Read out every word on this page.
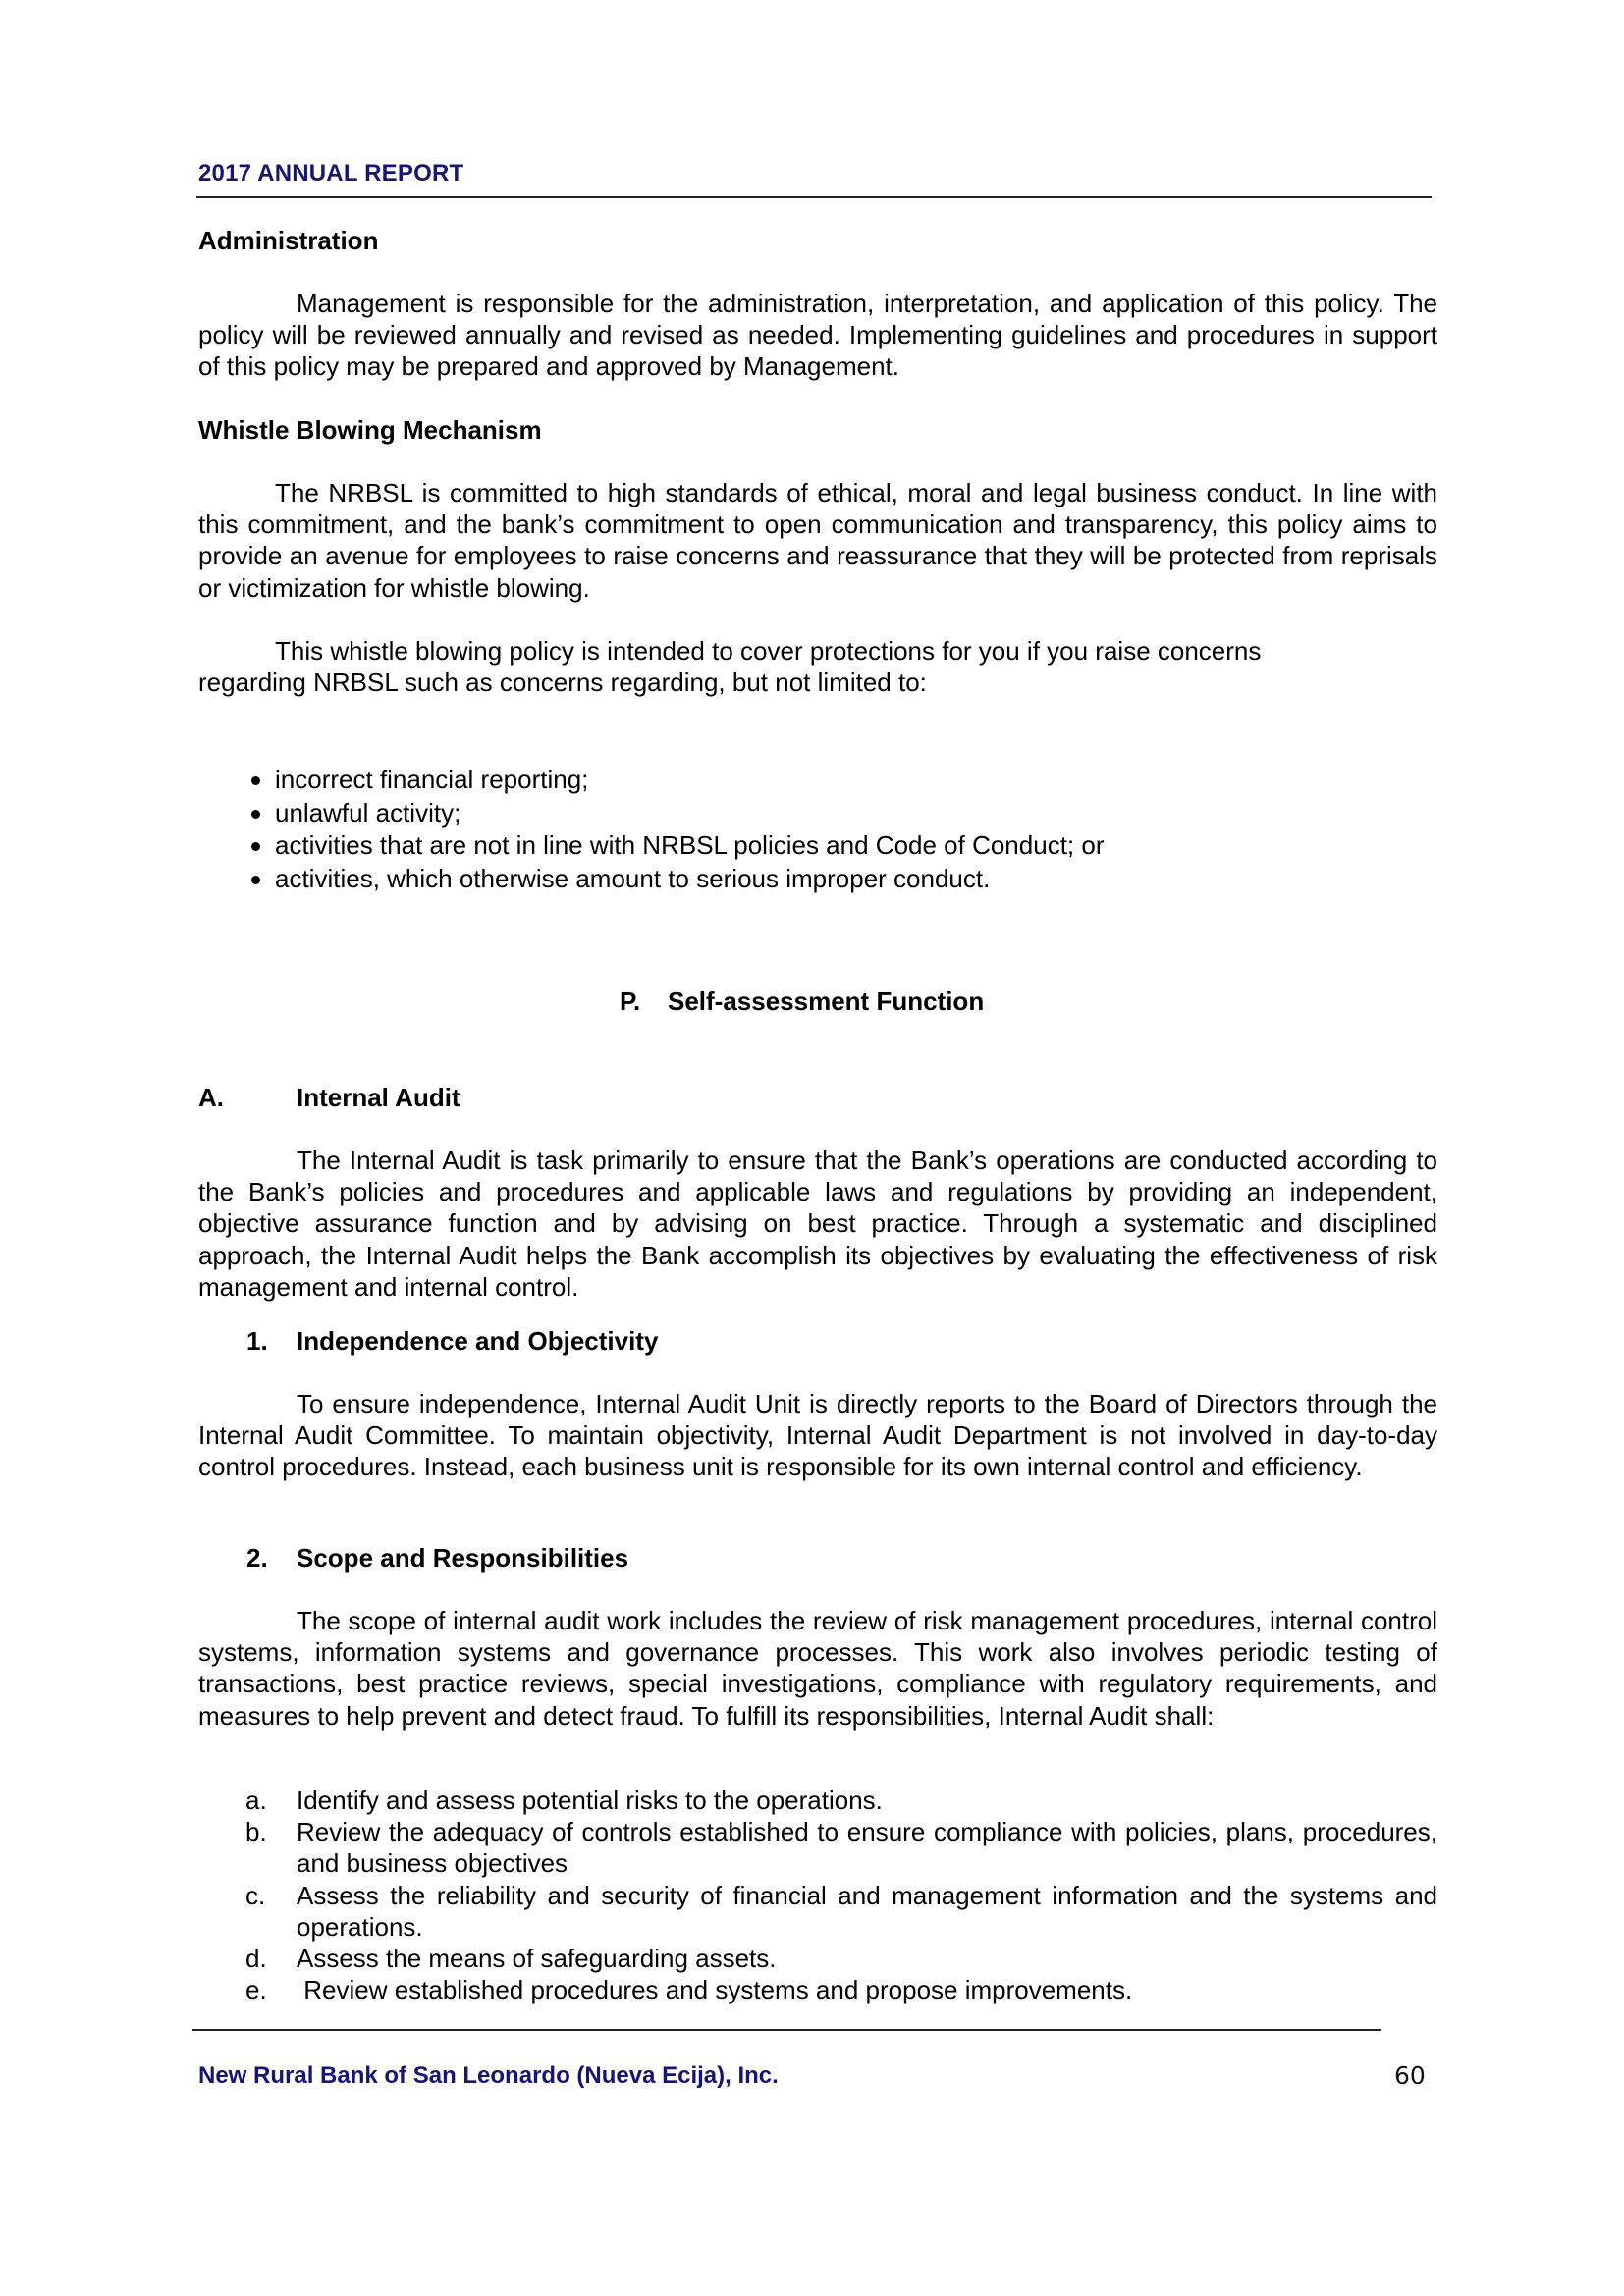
2017 ANNUAL REPORT
Administration
Management is responsible for the administration, interpretation, and application of this policy. The policy will be reviewed annually and revised as needed. Implementing guidelines and procedures in support of this policy may be prepared and approved by Management.
Whistle Blowing Mechanism
The NRBSL is committed to high standards of ethical, moral and legal business conduct. In line with this commitment, and the bank’s commitment to open communication and transparency, this policy aims to provide an avenue for employees to raise concerns and reassurance that they will be protected from reprisals or victimization for whistle blowing.
This whistle blowing policy is intended to cover protections for you if you raise concerns regarding NRBSL such as concerns regarding, but not limited to:
incorrect financial reporting;
unlawful activity;
activities that are not in line with NRBSL policies and Code of Conduct; or
activities, which otherwise amount to serious improper conduct.
P. Self-assessment Function
A.	Internal Audit
The Internal Audit is task primarily to ensure that the Bank’s operations are conducted according to the Bank’s policies and procedures and applicable laws and regulations by providing an independent, objective assurance function and by advising on best practice. Through a systematic and disciplined approach, the Internal Audit helps the Bank accomplish its objectives by evaluating the effectiveness of risk management and internal control.
1. Independence and Objectivity
To ensure independence, Internal Audit Unit is directly reports to the Board of Directors through the Internal Audit Committee. To maintain objectivity, Internal Audit Department is not involved in day-to-day control procedures. Instead, each business unit is responsible for its own internal control and efficiency.
2. Scope and Responsibilities
The scope of internal audit work includes the review of risk management procedures, internal control systems, information systems and governance processes. This work also involves periodic testing of transactions, best practice reviews, special investigations, compliance with regulatory requirements, and measures to help prevent and detect fraud. To fulfill its responsibilities, Internal Audit shall:
a. Identify and assess potential risks to the operations.
b. Review the adequacy of controls established to ensure compliance with policies, plans, procedures, and business objectives
c. Assess the reliability and security of financial and management information and the systems and operations.
d. Assess the means of safeguarding assets.
e. Review established procedures and systems and propose improvements.
New Rural Bank of San Leonardo (Nueva Ecija), Inc.	60
